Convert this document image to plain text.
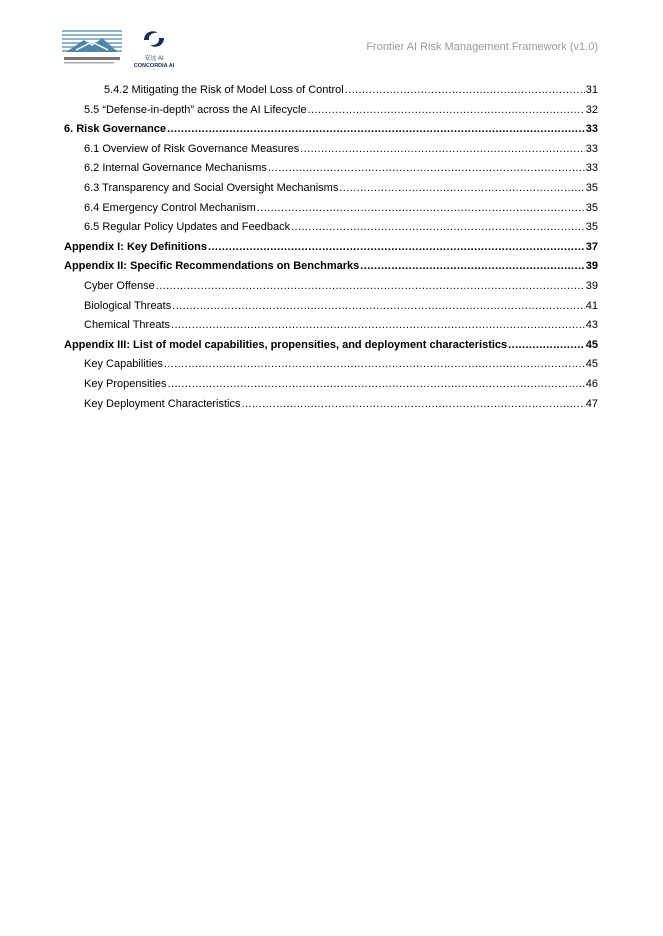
安远 AI
CONCORDIA AI
Frontier AI Risk Management Framework (v1.0)
5.4.2 Mitigating the Risk of Model Loss of Control .....	31
5.5 “Defense-in-depth” across the AI Lifecycle .....	32
6. Risk Governance .....	33
6.1 Overview of Risk Governance Measures .....	33
6.2 Internal Governance Mechanisms .....	33
6.3 Transparency and Social Oversight Mechanisms .....	35
6.4 Emergency Control Mechanism .....	35
6.5 Regular Policy Updates and Feedback .....	35
Appendix I: Key Definitions .....	37
Appendix II: Specific Recommendations on Benchmarks .....	39
Cyber Offense .....	39
Biological Threats .....	41
Chemical Threats .....	43
Appendix III: List of model capabilities, propensities, and deployment characteristics .....	45
Key Capabilities .....	45
Key Propensities .....	46
Key Deployment Characteristics .....	47
